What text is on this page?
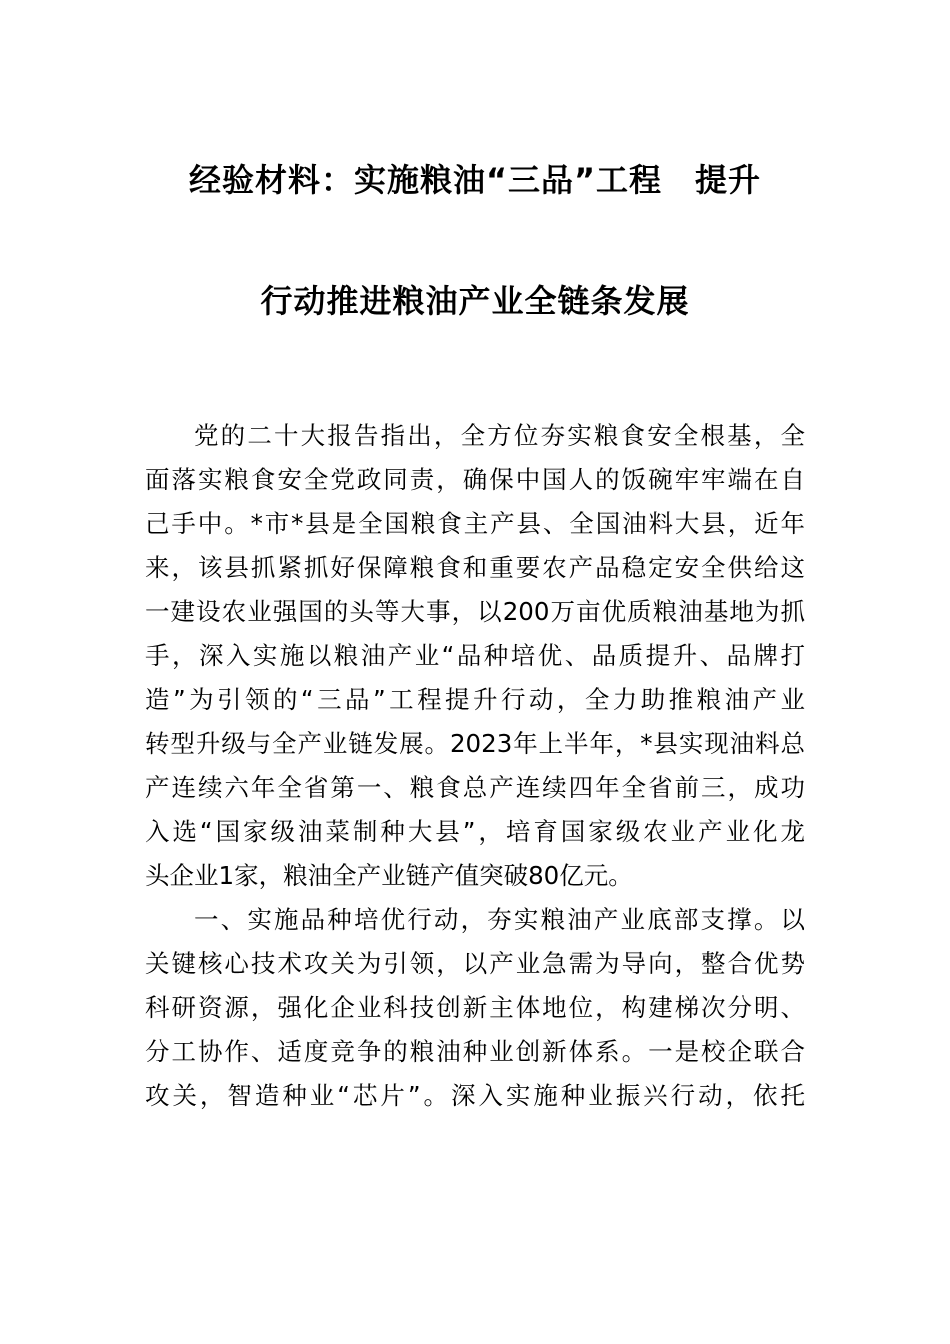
经验材料：实施粮油“三品”工程　提升
行动推进粮油产业全链条发展
党的二十大报告指出，全方位夯实粮食安全根基，全
面落实粮食安全党政同责，确保中国人的饭碗牢牢端在自
己手中。*市*县是全国粮食主产县、全国油料大县，近年
来，该县抓紧抓好保障粮食和重要农产品稳定安全供给这
一建设农业强国的头等大事，以200万亩优质粮油基地为抓
手，深入实施以粮油产业“品种培优、品质提升、品牌打
造”为引领的“三品”工程提升行动，全力助推粮油产业
转型升级与全产业链发展。2023年上半年，*县实现油料总
产连续六年全省第一、粮食总产连续四年全省前三，成功
入选“国家级油菜制种大县”，培育国家级农业产业化龙
头企业1家，粮油全产业链产值突破80亿元。
一、实施品种培优行动，夯实粮油产业底部支撑。以
关键核心技术攻关为引领，以产业急需为导向，整合优势
科研资源，强化企业科技创新主体地位，构建梯次分明、
分工协作、适度竞争的粮油种业创新体系。一是校企联合
攻关，智造种业“芯片”。深入实施种业振兴行动，依托
